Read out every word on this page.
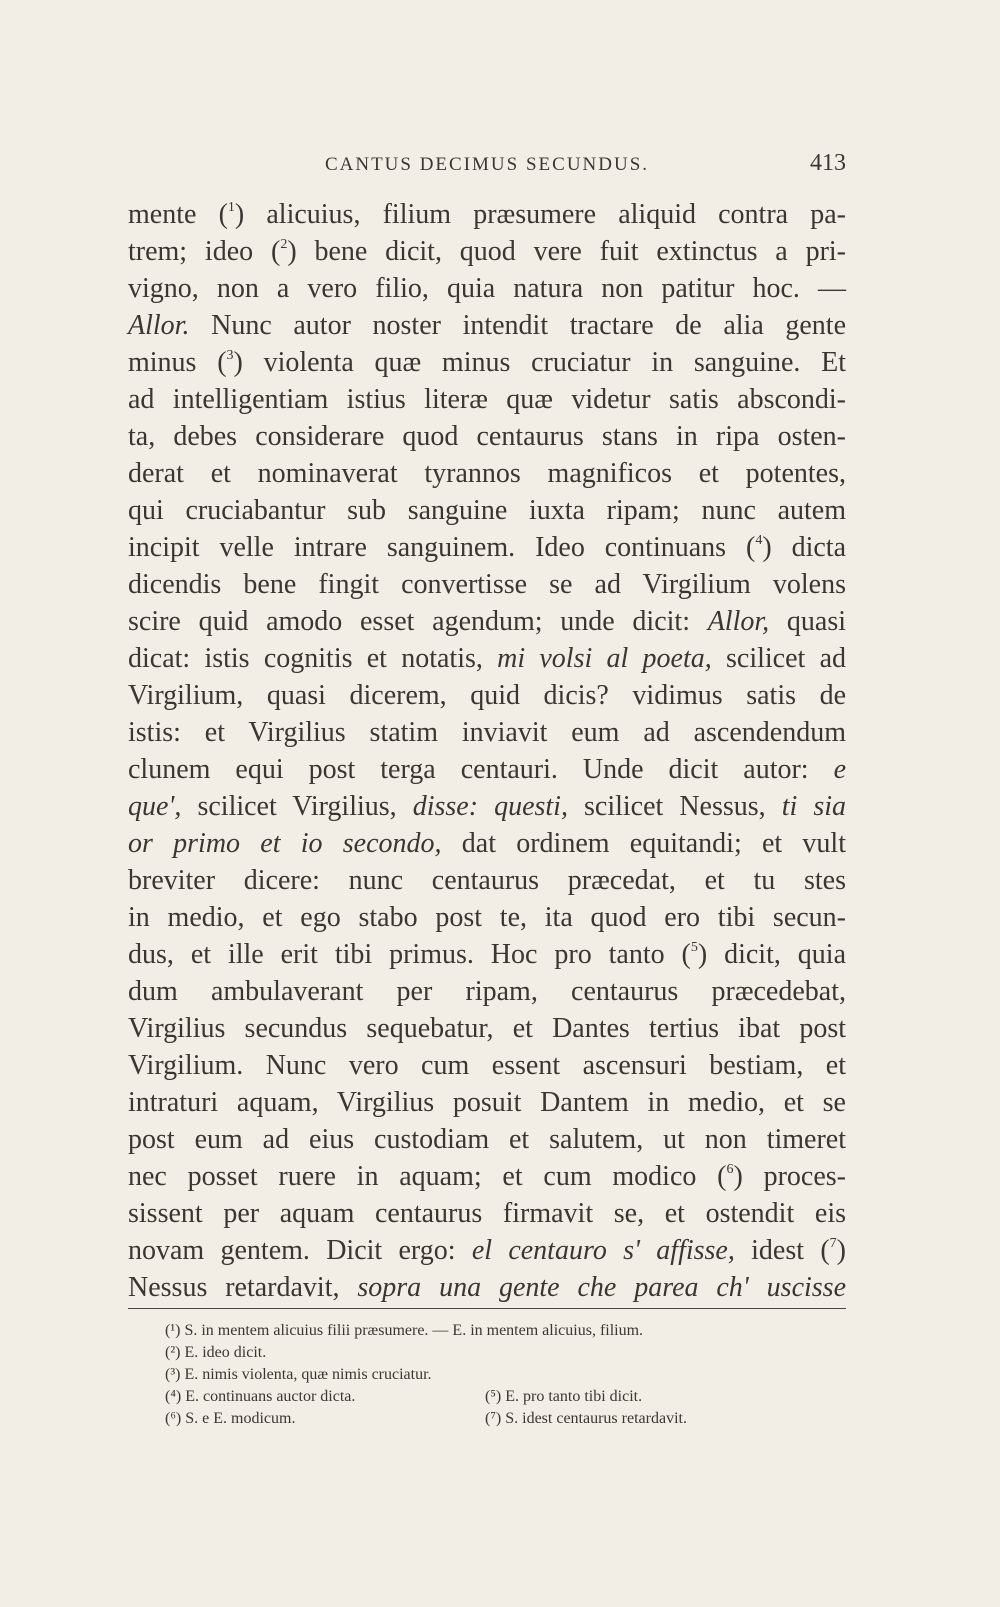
CANTUS DECIMUS SECUNDUS.	413
mente ($^1$) alicuius, filium præsumere aliquid contra pa-
trem; ideo ($^2$) bene dicit, quod vere fuit extinctus a pri-
vigno, non a vero filio, quia natura non patitur hoc. —
Allor. Nunc autor noster intendit tractare de alia gente
minus ($^3$) violenta quæ minus cruciatur in sanguine. Et
ad intelligentiam istius literæ quæ videtur satis abscondi-
ta, debes considerare quod centaurus stans in ripa osten-
derat et nominaverat tyrannos magnificos et potentes,
qui cruciabantur sub sanguine iuxta ripam; nunc autem
incipit velle intrare sanguinem. Ideo continuans ($^4$) dicta
dicendis bene fingit convertisse se ad Virgilium volens
scire quid amodo esset agendum; unde dicit: Allor, quasi
dicat: istis cognitis et notatis, mi volsi al poeta, scilicet ad
Virgilium, quasi dicerem, quid dicis? vidimus satis de
istis: et Virgilius statim inviavit eum ad ascendendum
clunem equi post terga centauri. Unde dicit autor: e
que', scilicet Virgilius, disse: questi, scilicet Nessus, ti sia
or primo et io secondo, dat ordinem equitandi; et vult
breviter dicere: nunc centaurus præcedat, et tu stes
in medio, et ego stabo post te, ita quod ero tibi secun-
dus, et ille erit tibi primus. Hoc pro tanto ($^5$) dicit, quia
dum ambulaverant per ripam, centaurus præcedebat,
Virgilius secundus sequebatur, et Dantes tertius ibat post
Virgilium. Nunc vero cum essent ascensuri bestiam, et
intraturi aquam, Virgilius posuit Dantem in medio, et se
post eum ad eius custodiam et salutem, ut non timeret
nec posset ruere in aquam; et cum modico ($^6$) proces-
sissent per aquam centaurus firmavit se, et ostendit eis
novam gentem. Dicit ergo: el centauro s' affisse, idest ($^7$)
Nessus retardavit, sopra una gente che parea ch' uscisse
(¹) S. in mentem alicuius filii præsumere. — E. in mentem alicuius, filium.
(²) E. ideo dicit.
(³) E. nimis violenta, quæ nimis cruciatur.
(⁴) E. continuans auctor dicta.	(⁵) E. pro tanto tibi dicit.
(⁶) S. e E. modicum.	(⁷) S. idest centaurus retardavit.
